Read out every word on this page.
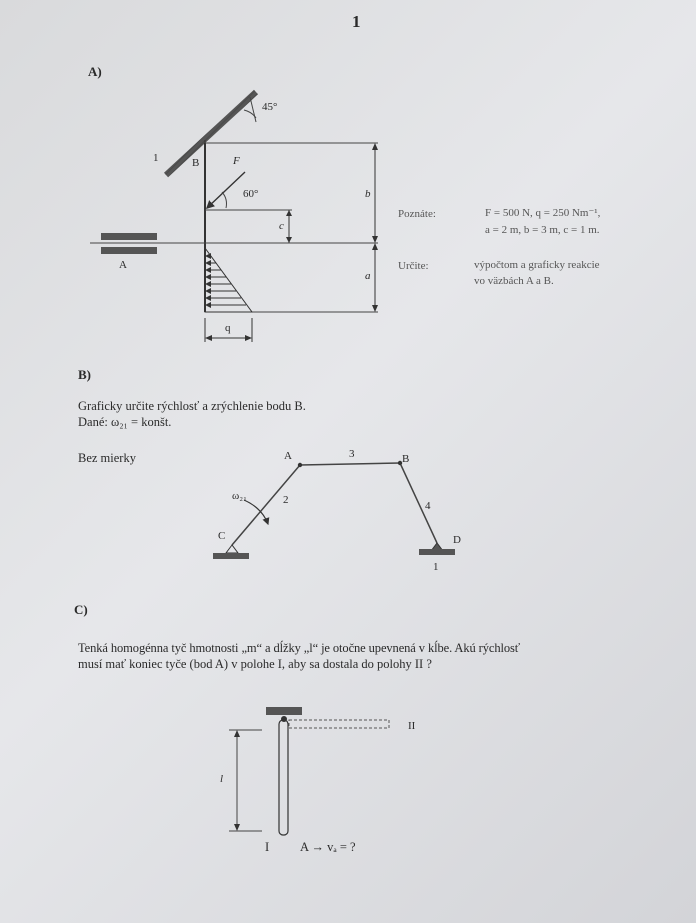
1
A)
45°
1	B	F
60°
c
b
a
A
q
Poznáte:	F = 500 N, q = 250 Nm⁻¹,
a = 2 m, b = 3 m, c = 1 m.
Určite:	výpočtom a graficky reakcie
vo väzbách A a B.
B)
Graficky určite rýchlosť a zrýchlenie bodu B.
Dané: ω₂₁ = konšt.
Bez mierky	A	3	B
ω₂₁	2	4
C	D
1
C)
Tenká homogénna tyč hmotnosti „m“ a dĺžky „l“ je otočne upevnená v kĺbe. Akú rýchlosť
musí mať koniec tyče (bod A) v polohe I, aby sa dostala do polohy II ?
l
II
I A → vₐ = ?
